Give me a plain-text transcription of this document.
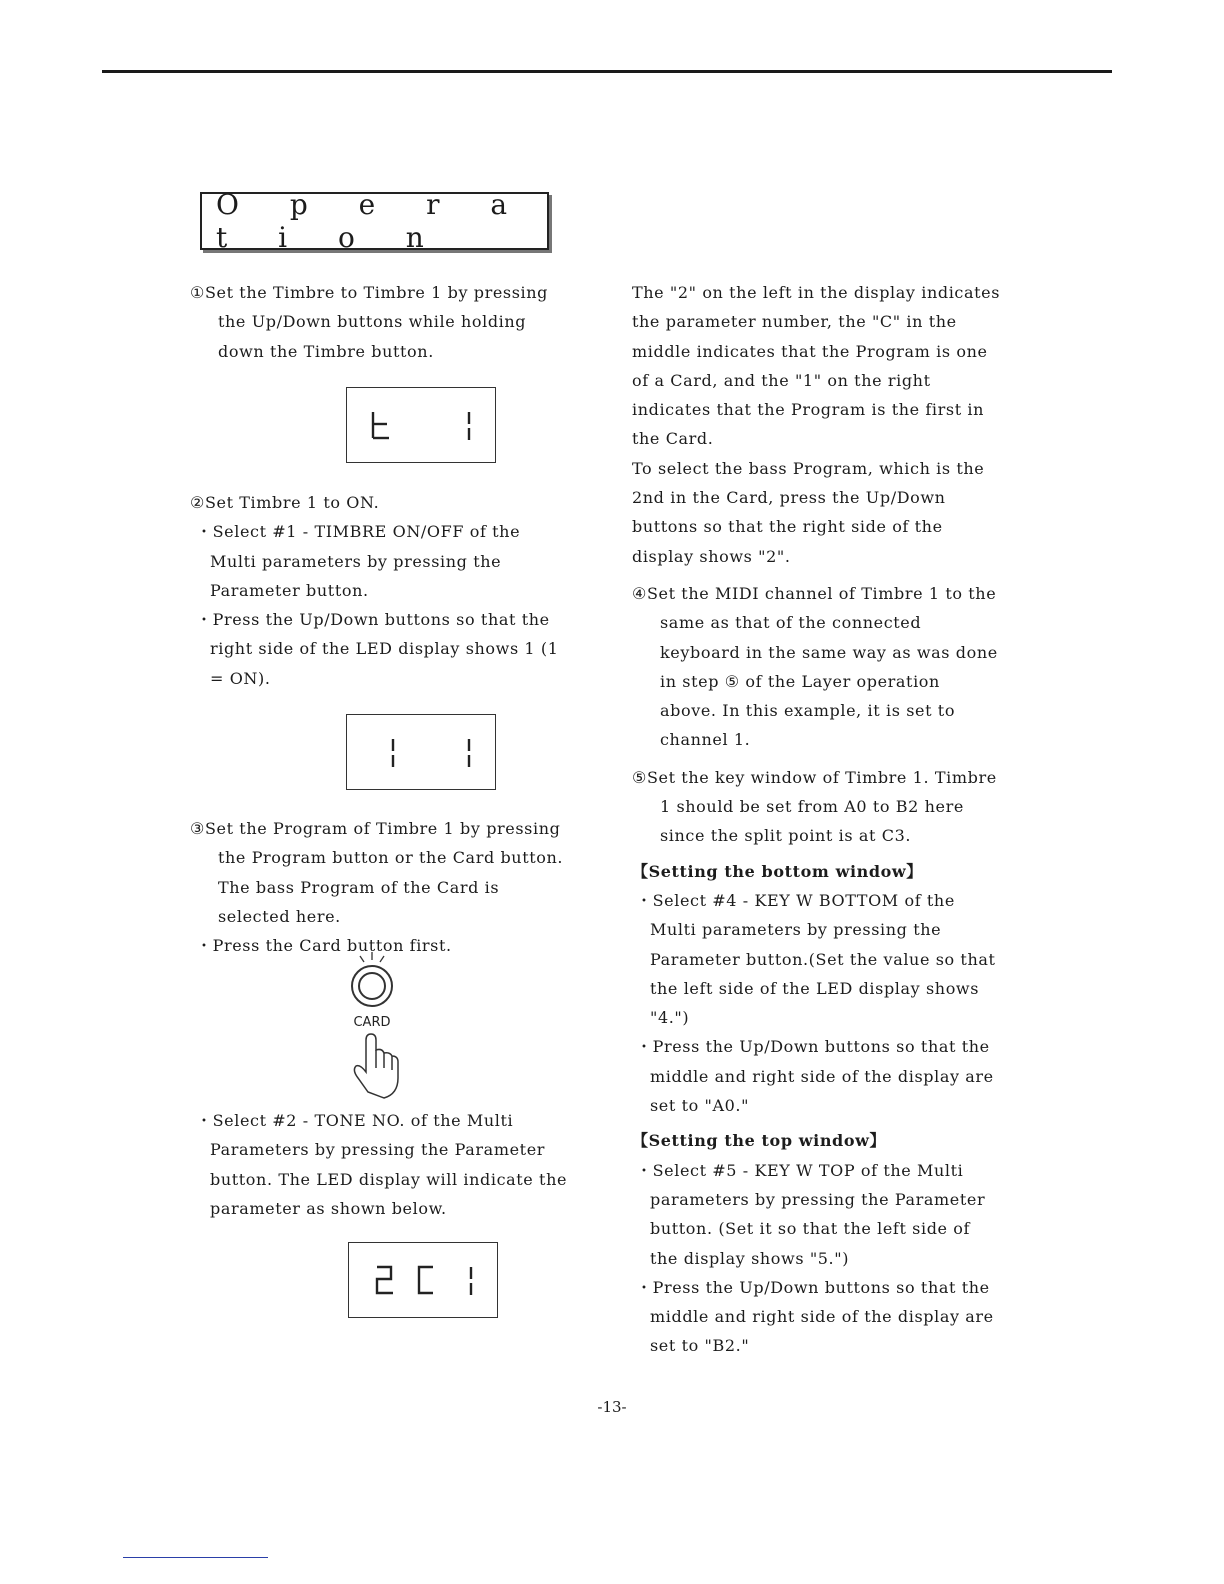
O p e r a t i o n

①Set the Timbre to Timbre 1 by pressing the Up/Down buttons while holding down the Timbre button.

②Set Timbre 1 to ON.

・Select #1 - TIMBRE ON/OFF of the Multi parameters by pressing the Parameter button.

・Press the Up/Down buttons so that the right side of the LED display shows 1 (1 = ON).

③Set the Program of Timbre 1 by pressing the Program button or the Card button. The bass Program of the Card is selected here.

・Press the Card button first.

CARD

・Select #2 - TONE NO. of the Multi Parameters by pressing the Parameter button. The LED display will indicate the parameter as shown below.

The "2" on the left in the display indicates the parameter number, the "C" in the middle indicates that the Program is one of a Card, and the "1" on the right indicates that the Program is the first in the Card.

To select the bass Program, which is the 2nd in the Card, press the Up/Down buttons so that the right side of the display shows "2".

④Set the MIDI channel of Timbre 1 to the same as that of the connected keyboard in the same way as was done in step ⑤ of the Layer operation above. In this example, it is set to channel 1.

⑤Set the key window of Timbre 1. Timbre 1 should be set from A0 to B2 here since the split point is at C3.

【Setting the bottom window】

・Select #4 - KEY W BOTTOM of the Multi parameters by pressing the Parameter button.(Set the value so that the left side of the LED display shows "4.")

・Press the Up/Down buttons so that the middle and right side of the display are set to "A0."

【Setting the top window】

・Select #5 - KEY W TOP of the Multi parameters by pressing the Parameter button. (Set it so that the left side of the display shows "5.")

・Press the Up/Down buttons so that the middle and right side of the display are set to "B2."

-13-
